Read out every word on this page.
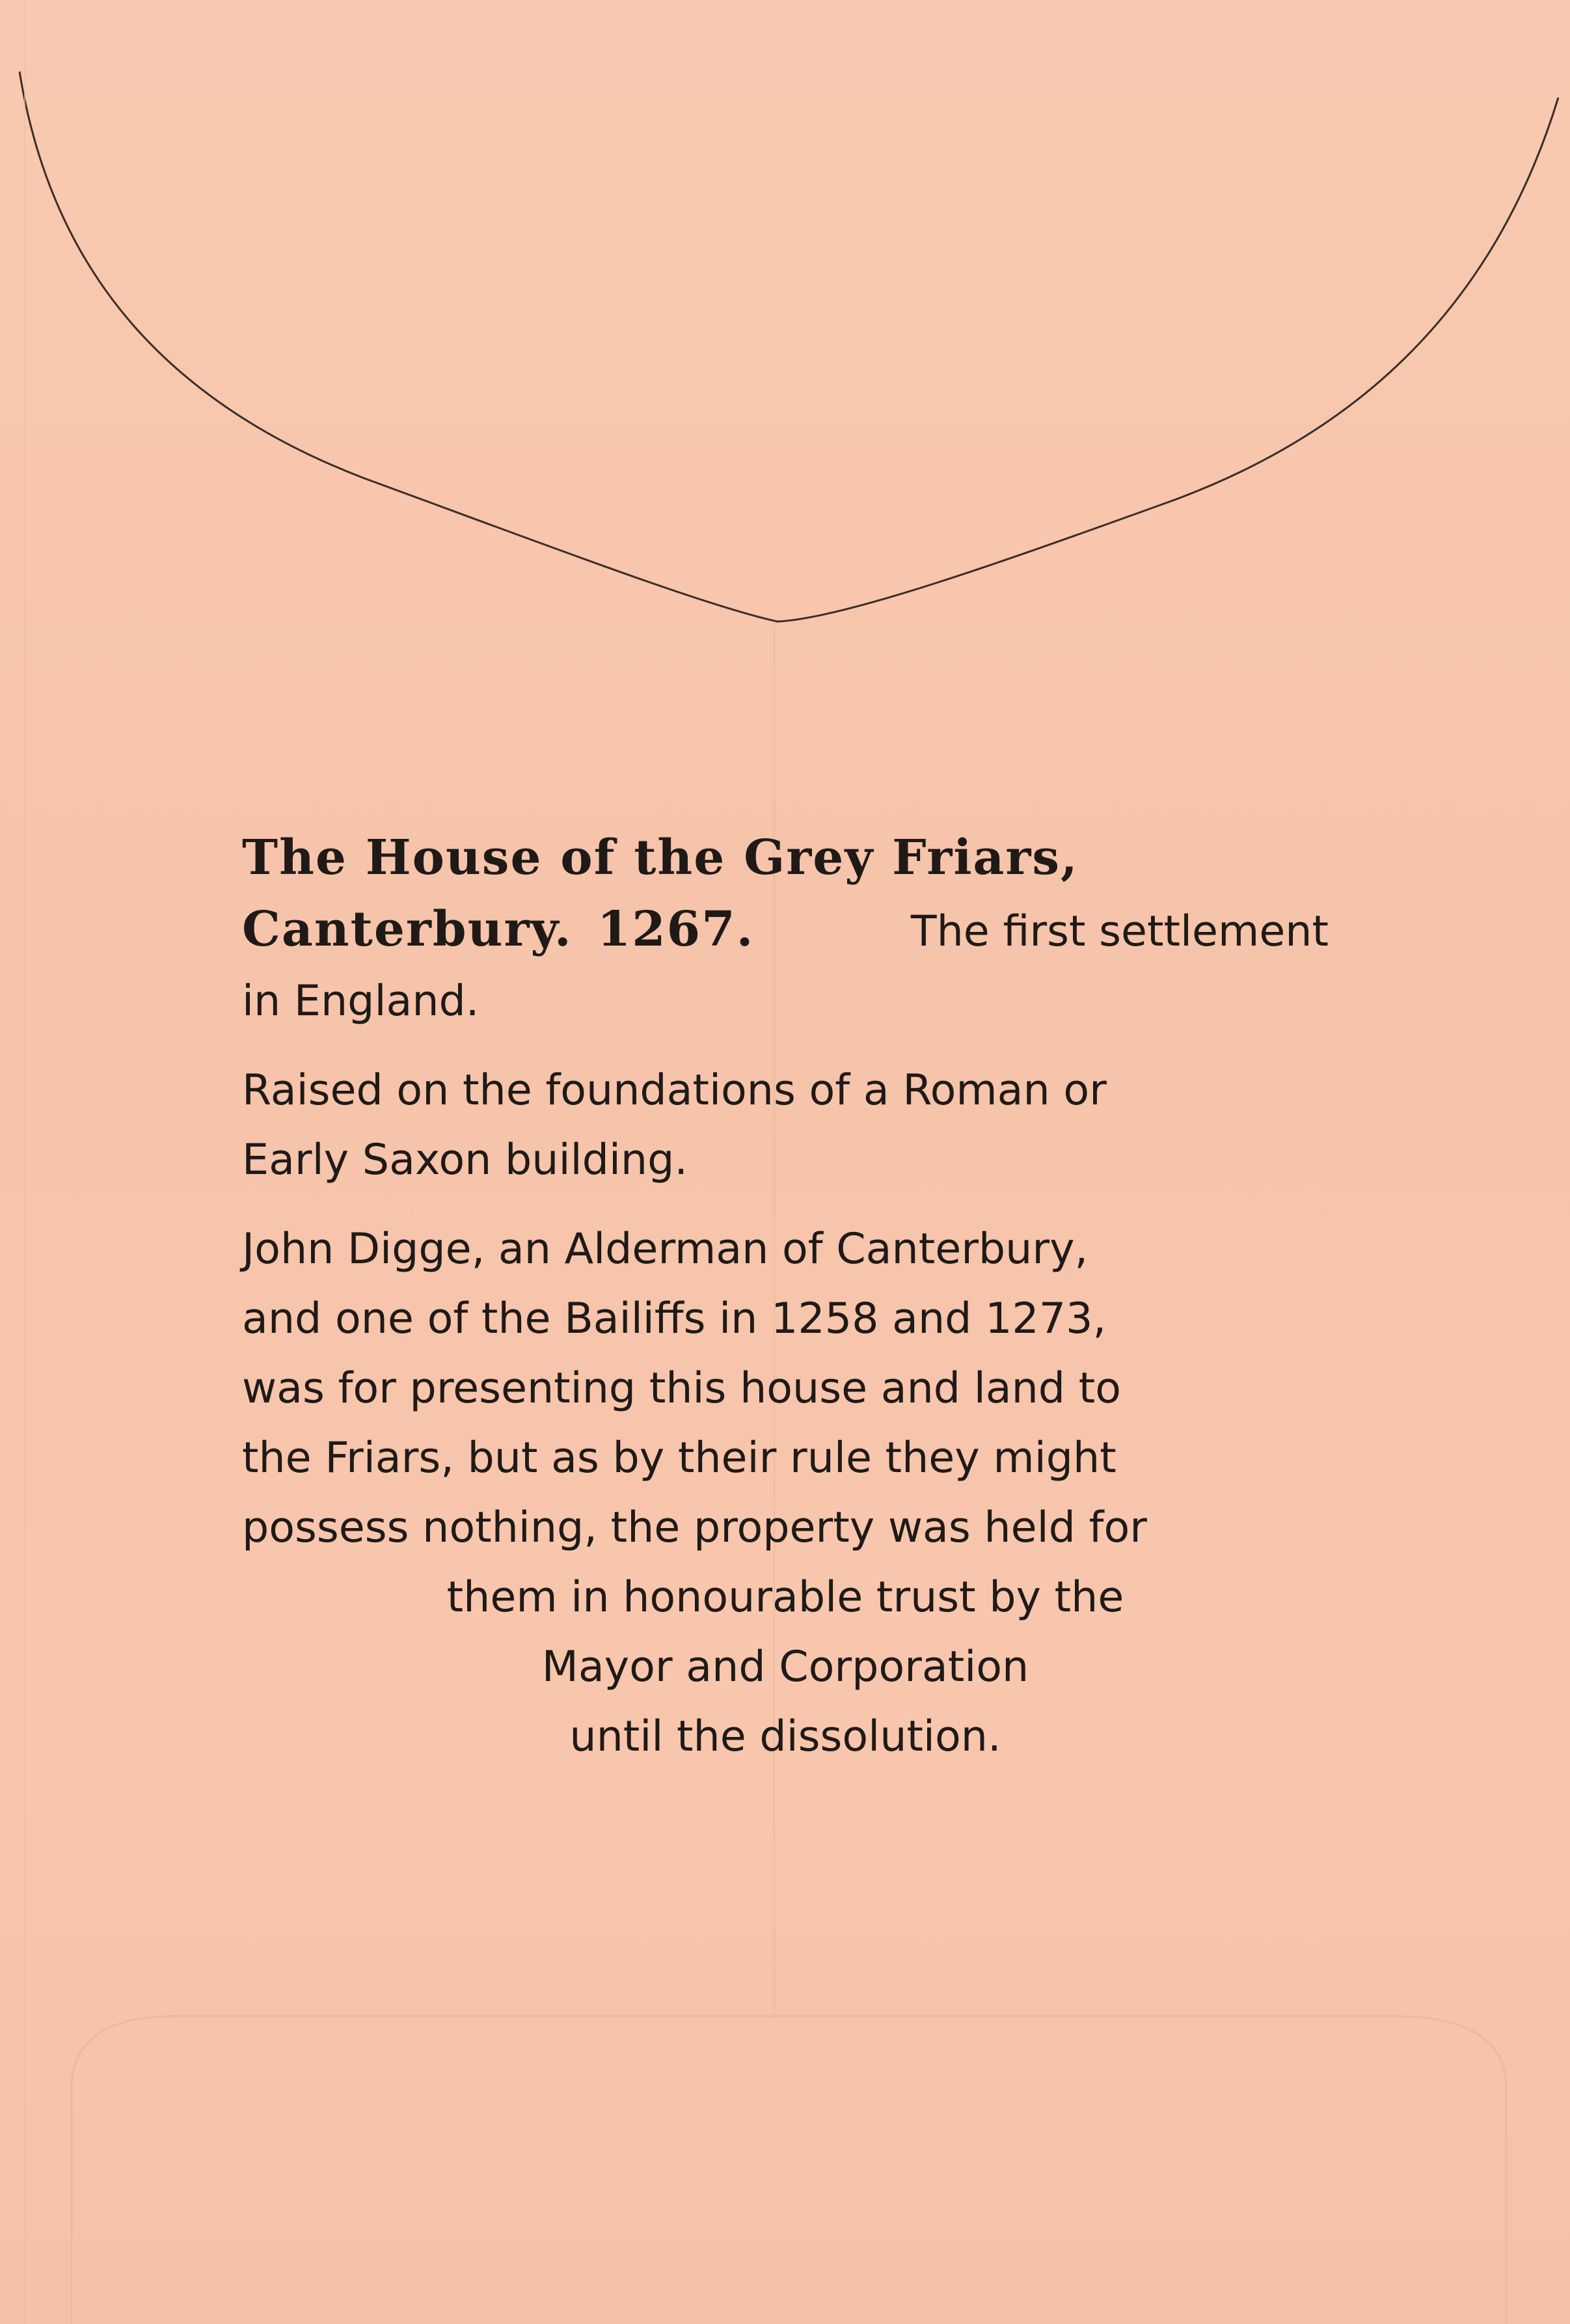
The House of the Grey Friars,
Canterbury. 1267.	The first settlement
in England.
Raised on the foundations of a Roman or
Early Saxon building.
John Digge, an Alderman of Canterbury,
and one of the Bailiffs in 1258 and 1273,
was for presenting this house and land to
the Friars, but as by their rule they might
possess nothing, the property was held for
them in honourable trust by the
Mayor and Corporation
until the dissolution.
